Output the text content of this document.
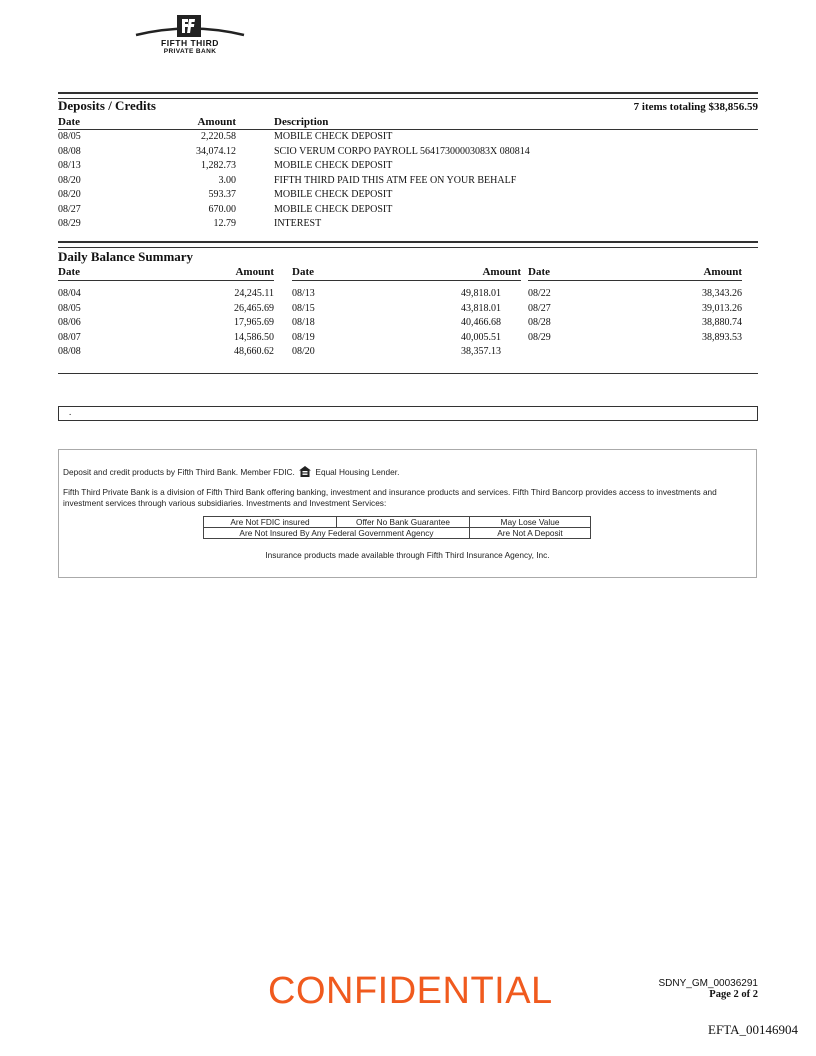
FIFTH THIRD
PRIVATE BANK
Deposits / Credits	7 items totaling $38,856.59
Date	Amount	Description
08/05	2,220.58	MOBILE CHECK DEPOSIT
08/08	34,074.12	SCIO VERUM CORPO PAYROLL 56417300003083X 080814
08/13	1,282.73	MOBILE CHECK DEPOSIT
08/20	3.00	FIFTH THIRD PAID THIS ATM FEE ON YOUR BEHALF
08/20	593.37	MOBILE CHECK DEPOSIT
08/27	670.00	MOBILE CHECK DEPOSIT
08/29	12.79	INTEREST
Daily Balance Summary
Date	Amount
08/04	24,245.11
08/05	26,465.69
08/06	17,965.69
08/07	14,586.50
08/08	48,660.62
Date	Amount
08/13	49,818.01
08/15	43,818.01
08/18	40,466.68
08/19	40,005.51
08/20	38,357.13
Date	Amount
08/22	38,343.26
08/27	39,013.26
08/28	38,880.74
08/29	38,893.53
.

Deposit and credit products by Fifth Third Bank. Member FDIC. Equal Housing Lender.

Fifth Third Private Bank is a division of Fifth Third Bank offering banking, investment and insurance products and services. Fifth Third Bancorp provides access to investments and investment services through various subsidiaries. Investments and Investment Services:

Are Not FDIC insured	Offer No Bank Guarantee	May Lose Value
Are Not Insured By Any Federal Government Agency		Are Not A Deposit

Insurance products made available through Fifth Third Insurance Agency, Inc.

CONFIDENTIAL	SDNY_GM_00036291
Page 2 of 2
EFTA_00146904
